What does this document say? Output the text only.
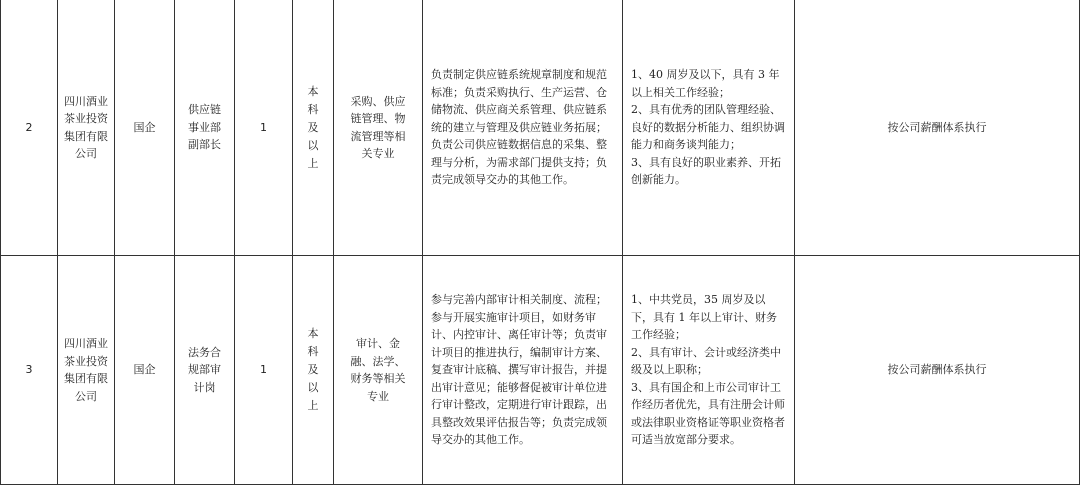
2	四川酒业茶业投资集团有限公司	国企	供应链事业部副部长	1	本科及以上	采购、供应链管理、物流管理等相关专业	负责制定供应链系统规章制度和规范标准；负责采购执行、生产运营、仓储物流、供应商关系管理、供应链系统的建立与管理及供应链业务拓展；负责公司供应链数据信息的采集、整理与分析，为需求部门提供支持；负责完成领导交办的其他工作。	1、40 周岁及以下，具有 3 年以上相关工作经验；
2、具有优秀的团队管理经验、良好的数据分析能力、组织协调能力和商务谈判能力；
3、具有良好的职业素养、开拓创新能力。	按公司薪酬体系执行
3	四川酒业茶业投资集团有限公司	国企	法务合规部审计岗	1	本科及以上	审计、金融、法学、财务等相关专业	参与完善内部审计相关制度、流程；参与开展实施审计项目，如财务审计、内控审计、离任审计等；负责审计项目的推进执行，编制审计方案、复查审计底稿、撰写审计报告，并提出审计意见；能够督促被审计单位进行审计整改，定期进行审计跟踪，出具整改效果评估报告等；负责完成领导交办的其他工作。	1、中共党员，35 周岁及以下，具有 1 年以上审计、财务工作经验；
2、具有审计、会计或经济类中级及以上职称；
3、具有国企和上市公司审计工作经历者优先，具有注册会计师或法律职业资格证等职业资格者可适当放宽部分要求。	按公司薪酬体系执行
